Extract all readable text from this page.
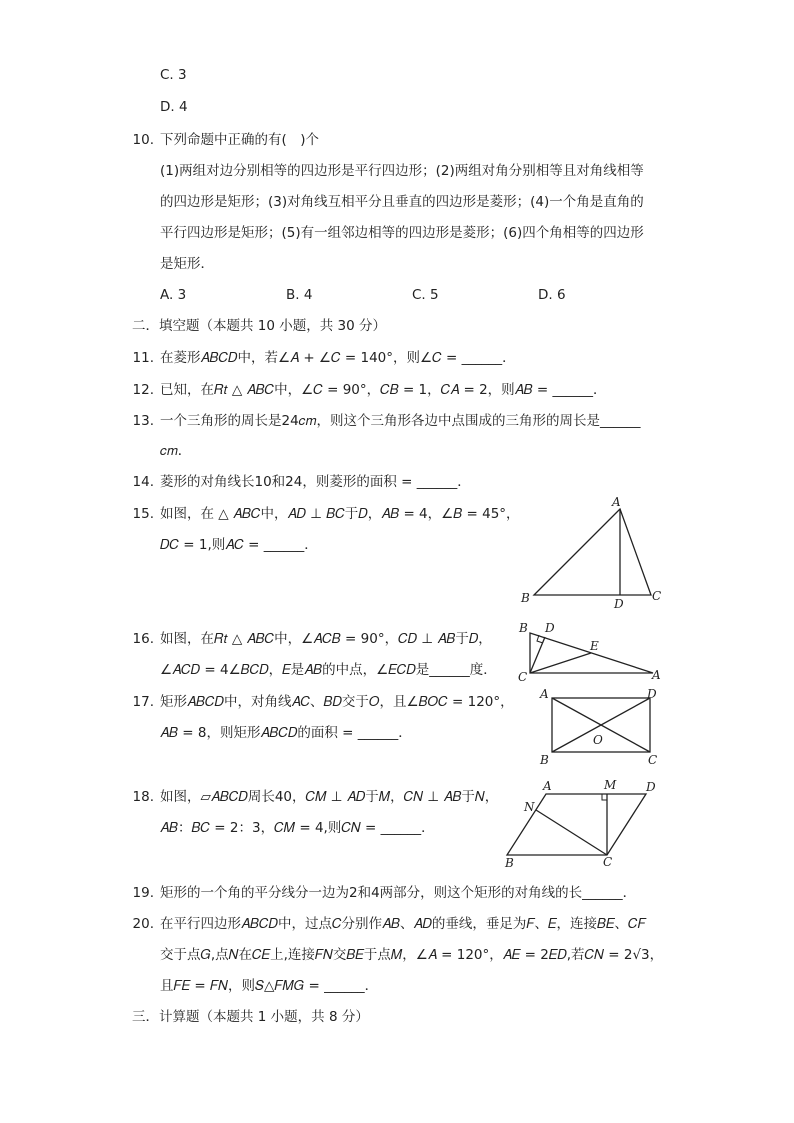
C. 3
D. 4
10. 下列命题中正确的有(　)个
(1)两组对边分别相等的四边形是平行四边形；(2)两组对角分别相等且对角线相等
的四边形是矩形；(3)对角线互相平分且垂直的四边形是菱形；(4)一个角是直角的
平行四边形是矩形；(5)有一组邻边相等的四边形是菱形；(6)四个角相等的四边形
是矩形．
A. 3	B. 4	C. 5	D. 6
二．填空题（本题共 10 小题，共 30 分）
11. 在菱形𝐴𝐵𝐶𝐷中，若∠𝐴 + ∠𝐶 = 140°，则∠𝐶 = ______．
12. 已知，在𝑅𝑡 △ 𝐴𝐵𝐶中，∠𝐶 = 90°，𝐶𝐵 = 1，𝐶𝐴 = 2，则𝐴𝐵 = ______．
13. 一个三角形的周长是24𝑐𝑚，则这个三角形各边中点围成的三角形的周长是______
𝑐𝑚．
14. 菱形的对角线长10和24，则菱形的面积 = ______．
15. 如图，在 △ 𝐴𝐵𝐶中，𝐴𝐷 ⊥ 𝐵𝐶于𝐷，𝐴𝐵 = 4，∠𝐵 = 45°，
𝐷𝐶 = 1,则𝐴𝐶 = ______．
A
B	D
C
16. 如图，在𝑅𝑡 △ 𝐴𝐵𝐶中，∠𝐴𝐶𝐵 = 90°，𝐶𝐷 ⊥ 𝐴𝐵于𝐷，
∠𝐴𝐶𝐷 = 4∠𝐵𝐶𝐷，𝐸是𝐴𝐵的中点，∠𝐸𝐶𝐷是______度．
B D
E
C	A
17. 矩形𝐴𝐵𝐶𝐷中，对角线𝐴𝐶、𝐵𝐷交于𝑂，且∠𝐵𝑂𝐶 = 120°，
𝐴𝐵 = 8，则矩形𝐴𝐵𝐶𝐷的面积 = ______．
A	D
B	C
O
18. 如图，▱𝐴𝐵𝐶𝐷周长40，𝐶𝑀 ⊥ 𝐴𝐷于𝑀，𝐶𝑁 ⊥ 𝐴𝐵于𝑁，
𝐴𝐵：𝐵𝐶 = 2：3，𝐶𝑀 = 4,则𝐶𝑁 = ______．
A	M D
N
B	C
19. 矩形的一个角的平分线分一边为2和4两部分，则这个矩形的对角线的长______．
20. 在平行四边形𝐴𝐵𝐶𝐷中，过点𝐶分别作𝐴𝐵、𝐴𝐷的垂线，垂足为𝐹、𝐸，连接𝐵𝐸、𝐶𝐹
交于点𝐺,点𝑁在𝐶𝐸上,连接𝐹𝑁交𝐵𝐸于点𝑀，∠𝐴 = 120°，𝐴𝐸 = 2𝐸𝐷,若𝐶𝑁 = 2√3，
且𝐹𝐸 = 𝐹𝑁，则𝑆△𝐹𝑀𝐺 = ______．
三．计算题（本题共 1 小题，共 8 分）
